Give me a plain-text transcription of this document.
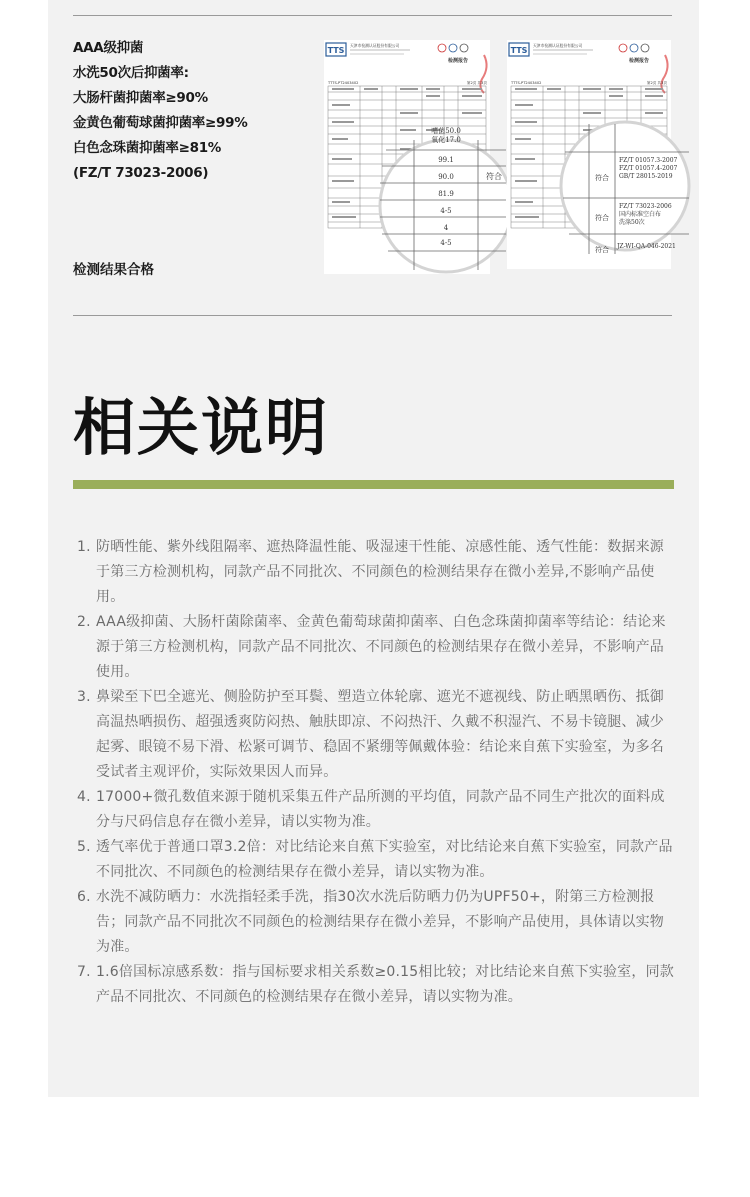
AAA级抑菌
水洗50次后抑菌率:
大肠杆菌抑菌率≥90%
金黄色葡萄球菌抑菌率≥99%
白色念珠菌抑菌率≥81%
(FZ/T 73023-2006)
检测结果合格
TTS
天津市检测认证股份有限公司
检测报告
TTTS-PT2403402	第2页 共3页
嗜菌50.0
氧化17.0
99.1
90.0
81.9
4-5
4
4-5
符合
TTS
天津市检测认证股份有限公司
检测报告
TTTS-PT2403402	第2页 共3页
符合
符合
符合
FZ/T 01057.3-2007 FZ/T 01057.4-2007 GB/T 28015-2019
FZ/T 73023-2006 国内标准空白布洗涤50次
JZ-WI-QA-046-2021
相关说明
1. 防晒性能、紫外线阻隔率、遮热降温性能、吸湿速干性能、凉感性能、透气性能：数据来源
于第三方检测机构，同款产品不同批次、不同颜色的检测结果存在微小差异,不影响产品使
用。
2. AAA级抑菌、大肠杆菌除菌率、金黄色葡萄球菌抑菌率、白色念珠菌抑菌率等结论：结论来
源于第三方检测机构，同款产品不同批次、不同颜色的检测结果存在微小差异，不影响产品
使用。
3. 鼻梁至下巴全遮光、侧脸防护至耳鬓、塑造立体轮廓、遮光不遮视线、防止晒黑晒伤、抵御
高温热晒损伤、超强透爽防闷热、触肤即凉、不闷热汗、久戴不积湿汽、不易卡镜腿、减少
起雾、眼镜不易下滑、松紧可调节、稳固不紧绷等佩戴体验：结论来自蕉下实验室，为多名
受试者主观评价，实际效果因人而异。
4. 17000+微孔数值来源于随机采集五件产品所测的平均值，同款产品不同生产批次的面料成
分与尺码信息存在微小差异，请以实物为准。
5. 透气率优于普通口罩3.2倍：对比结论来自蕉下实验室，对比结论来自蕉下实验室，同款产品
不同批次、不同颜色的检测结果存在微小差异，请以实物为准。
6. 水洗不减防晒力：水洗指轻柔手洗，指30次水洗后防晒力仍为UPF50+，附第三方检测报
告；同款产品不同批次不同颜色的检测结果存在微小差异，不影响产品使用，具体请以实物
为准。
7. 1.6倍国标凉感系数：指与国标要求相关系数≥0.15相比较；对比结论来自蕉下实验室，同款
产品不同批次、不同颜色的检测结果存在微小差异，请以实物为准。
